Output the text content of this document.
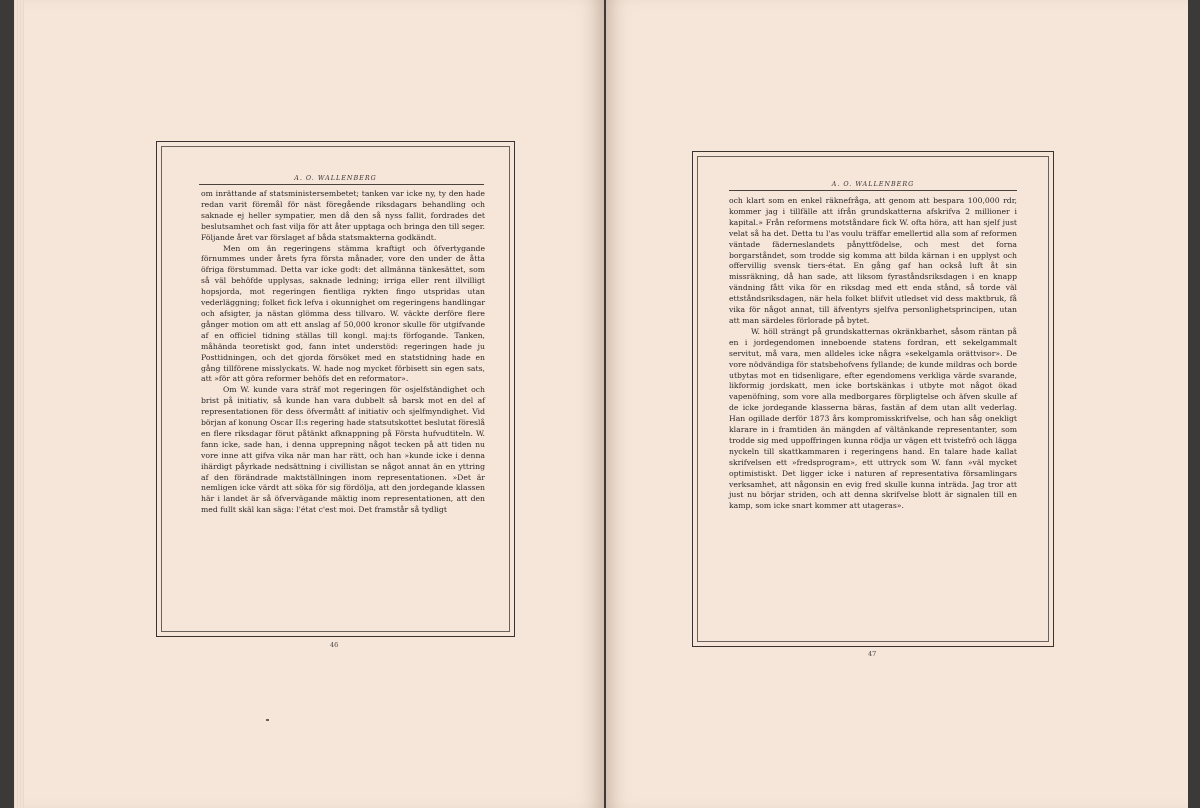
A. O. WALLENBERG

om inrättande af statsministersembetet; tanken var icke ny, ty den hade redan varit föremål för näst föregående riksdagars behandling och saknade ej heller sympatier, men då den så nyss fallit, fordrades det beslutsamhet och fast vilja för att åter upptaga och bringa den till seger. Följande året var förslaget af båda statsmakterna godkändt.

Men om än regeringens stämma kraftigt och öfvertygande förnummes under årets fyra första månader, vore den under de åtta öfriga förstummad. Detta var icke godt: det allmänna tänkesättet, som så väl behöfde upplysas, saknade ledning; irriga eller rent illvilligt hopsjorda, mot regeringen fientliga rykten fingo utspridas utan vederläggning; folket fick lefva i okunnighet om regeringens handlingar och afsigter, ja nästan glömma dess tillvaro. W. väckte derföre flere gånger motion om att ett anslag af 50,000 kronor skulle för utgifvande af en officiel tidning ställas till kongl. maj:ts förfogande. Tanken, måhända teoretiskt god, fann intet understöd: regeringen hade ju Posttidningen, och det gjorda försöket med en statstidning hade en gång tillförene misslyckats. W. hade nog mycket förbisett sin egen sats, att »för att göra reformer behöfs det en reformator».

Om W. kunde vara sträf mot regeringen för osjelfständighet och brist på initiativ, så kunde han vara dubbelt så barsk mot en del af representationen för dess öfvermått af initiativ och sjelfmyndighet. Vid början af konung Oscar II:s regering hade statsutskottet beslutat föreslå en flere riksdagar förut påtänkt afknappning på Första hufvudtiteln. W. fann icke, sade han, i denna upprepning något tecken på att tiden nu vore inne att gifva vika när man har rätt, och han »kunde icke i denna ihärdigt påyrkade nedsättning i civillistan se något annat än en yttring af den förändrade maktställningen inom representationen. »Det är nemligen icke värdt att söka för sig fördölja, att den jordegande klassen här i landet är så öfvervägande mäktig inom representationen, att den med fullt skäl kan säga: l'état c'est moi. Det framstår så tydligt

46
A. O. WALLENBERG

och klart som en enkel räknefråga, att genom att bespara 100,000 rdr, kommer jag i tillfälle att ifrån grundskatterna afskrifva 2 millioner i kapital.» Från reformens motståndare fick W. ofta höra, att han sjelf just velat så ha det. Detta tu l'as voulu träffar emellertid alla som af reformen väntade fäderneslandets pånyttfödelse, och mest det forna borgarståndet, som trodde sig komma att bilda kärnan i en upplyst och offervillig svensk tiers-état. En gång gaf han också luft åt sin missräkning, då han sade, att liksom fyraståndsriksdagen i en knapp vändning fått vika för en riksdag med ett enda stånd, så torde väl ettståndsriksdagen, när hela folket blifvit utledset vid dess maktbruk, få vika för något annat, till äfventyrs sjelfva personlighetsprincipen, utan att man särdeles förlorade på bytet.

W. höll strängt på grundskatternas okränkbarhet, såsom räntan på en i jordegendomen inneboende statens fordran, ett sekelgammalt servitut, må vara, men alldeles icke några »sekelgamla orättvisor». De vore nödvändiga för statsbehofvens fyllande; de kunde mildras och borde utbytas mot en tidsenligare, efter egendomens verkliga värde svarande, likformig jordskatt, men icke bortskänkas i utbyte mot något ökad vapenöfning, som vore alla medborgares förpligtelse och äfven skulle af de icke jordegande klasserna bäras, fastän af dem utan allt vederlag. Han ogillade derför 1873 års kompromisskrifvelse, och han såg onekligt klarare in i framtiden än mängden af vältänkande representanter, som trodde sig med uppoffringen kunna rödja ur vägen ett tvistefrö och lägga nyckeln till skattkammaren i regeringens hand. En talare hade kallat skrifvelsen ett »fredsprogram», ett uttryck som W. fann »väl mycket optimistiskt. Det ligger icke i naturen af representativa församlingars verksamhet, att någonsin en evig fred skulle kunna inträda. Jag tror att just nu börjar striden, och att denna skrifvelse blott är signalen till en kamp, som icke snart kommer att utageras».

47
